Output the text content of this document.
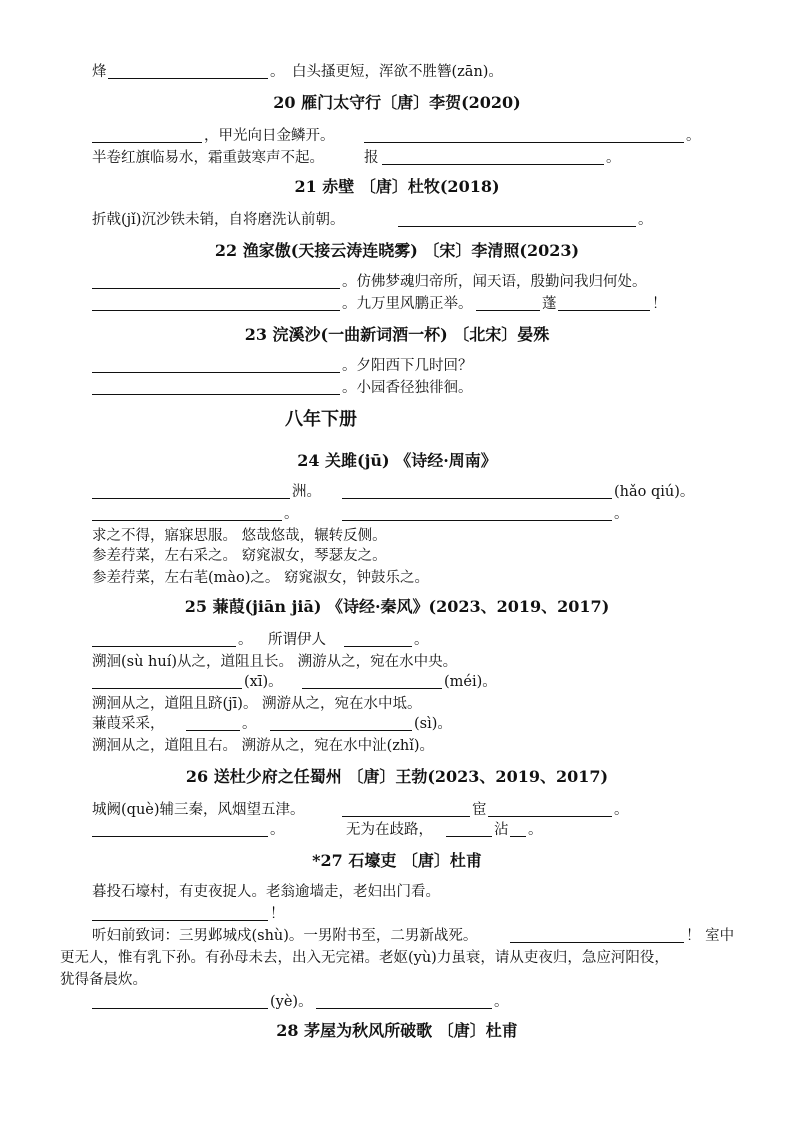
烽	。 白头搔更短，浑欲不胜簪(zān)。
20 雁门太守行〔唐〕李贺(2020)
，甲光向日金鳞开。	。
半卷红旗临易水，霜重鼓寒声不起。	报	。
21 赤壁 〔唐〕杜牧(2018)
折戟(jǐ)沉沙铁未销，自将磨洗认前朝。	。
22 渔家傲(天接云涛连晓雾) 〔宋〕李清照(2023)
。仿佛梦魂归帝所，闻天语，殷勤问我归何处。
。九万里风鹏正举。	蓬	！
23 浣溪沙(一曲新词酒一杯) 〔北宋〕晏殊
。夕阳西下几时回？
。小园香径独徘徊。
八年下册
24 关雎(jū) 《诗经·周南》
洲。	(hǎo qiú)。
。	。
求之不得，寤寐思服。 悠哉悠哉，辗转反侧。
参差荇菜，左右采之。 窈窕淑女，琴瑟友之。
参差荇菜，左右芼(mào)之。 窈窕淑女，钟鼓乐之。
25 蒹葭(jiān jiā) 《诗经·秦风》(2023、2019、2017)
。 所谓伊人	。
溯洄(sù huí)从之，道阻且长。 溯游从之，宛在水中央。
(xī)。	(méi)。
溯洄从之，道阻且跻(jī)。 溯游从之，宛在水中坻。
蒹葭采采，	。	(sì)。
溯洄从之，道阻且右。 溯游从之，宛在水中沚(zhǐ)。
26 送杜少府之任蜀州 〔唐〕王勃(2023、2019、2017)
城阙(què)辅三秦，风烟望五津。	宦	。
。	无为在歧路，	沾 。
*27 石壕吏 〔唐〕杜甫
暮投石壕村，有吏夜捉人。老翁逾墙走，老妇出门看。
！
听妇前致词：三男邺城戍(shù)。一男附书至，二男新战死。	！ 室中
更无人，惟有乳下孙。有孙母未去，出入无完裙。老妪(yù)力虽衰，请从吏夜归，急应河阳役，
犹得备晨炊。
(yè)。	。
28 茅屋为秋风所破歌 〔唐〕杜甫
